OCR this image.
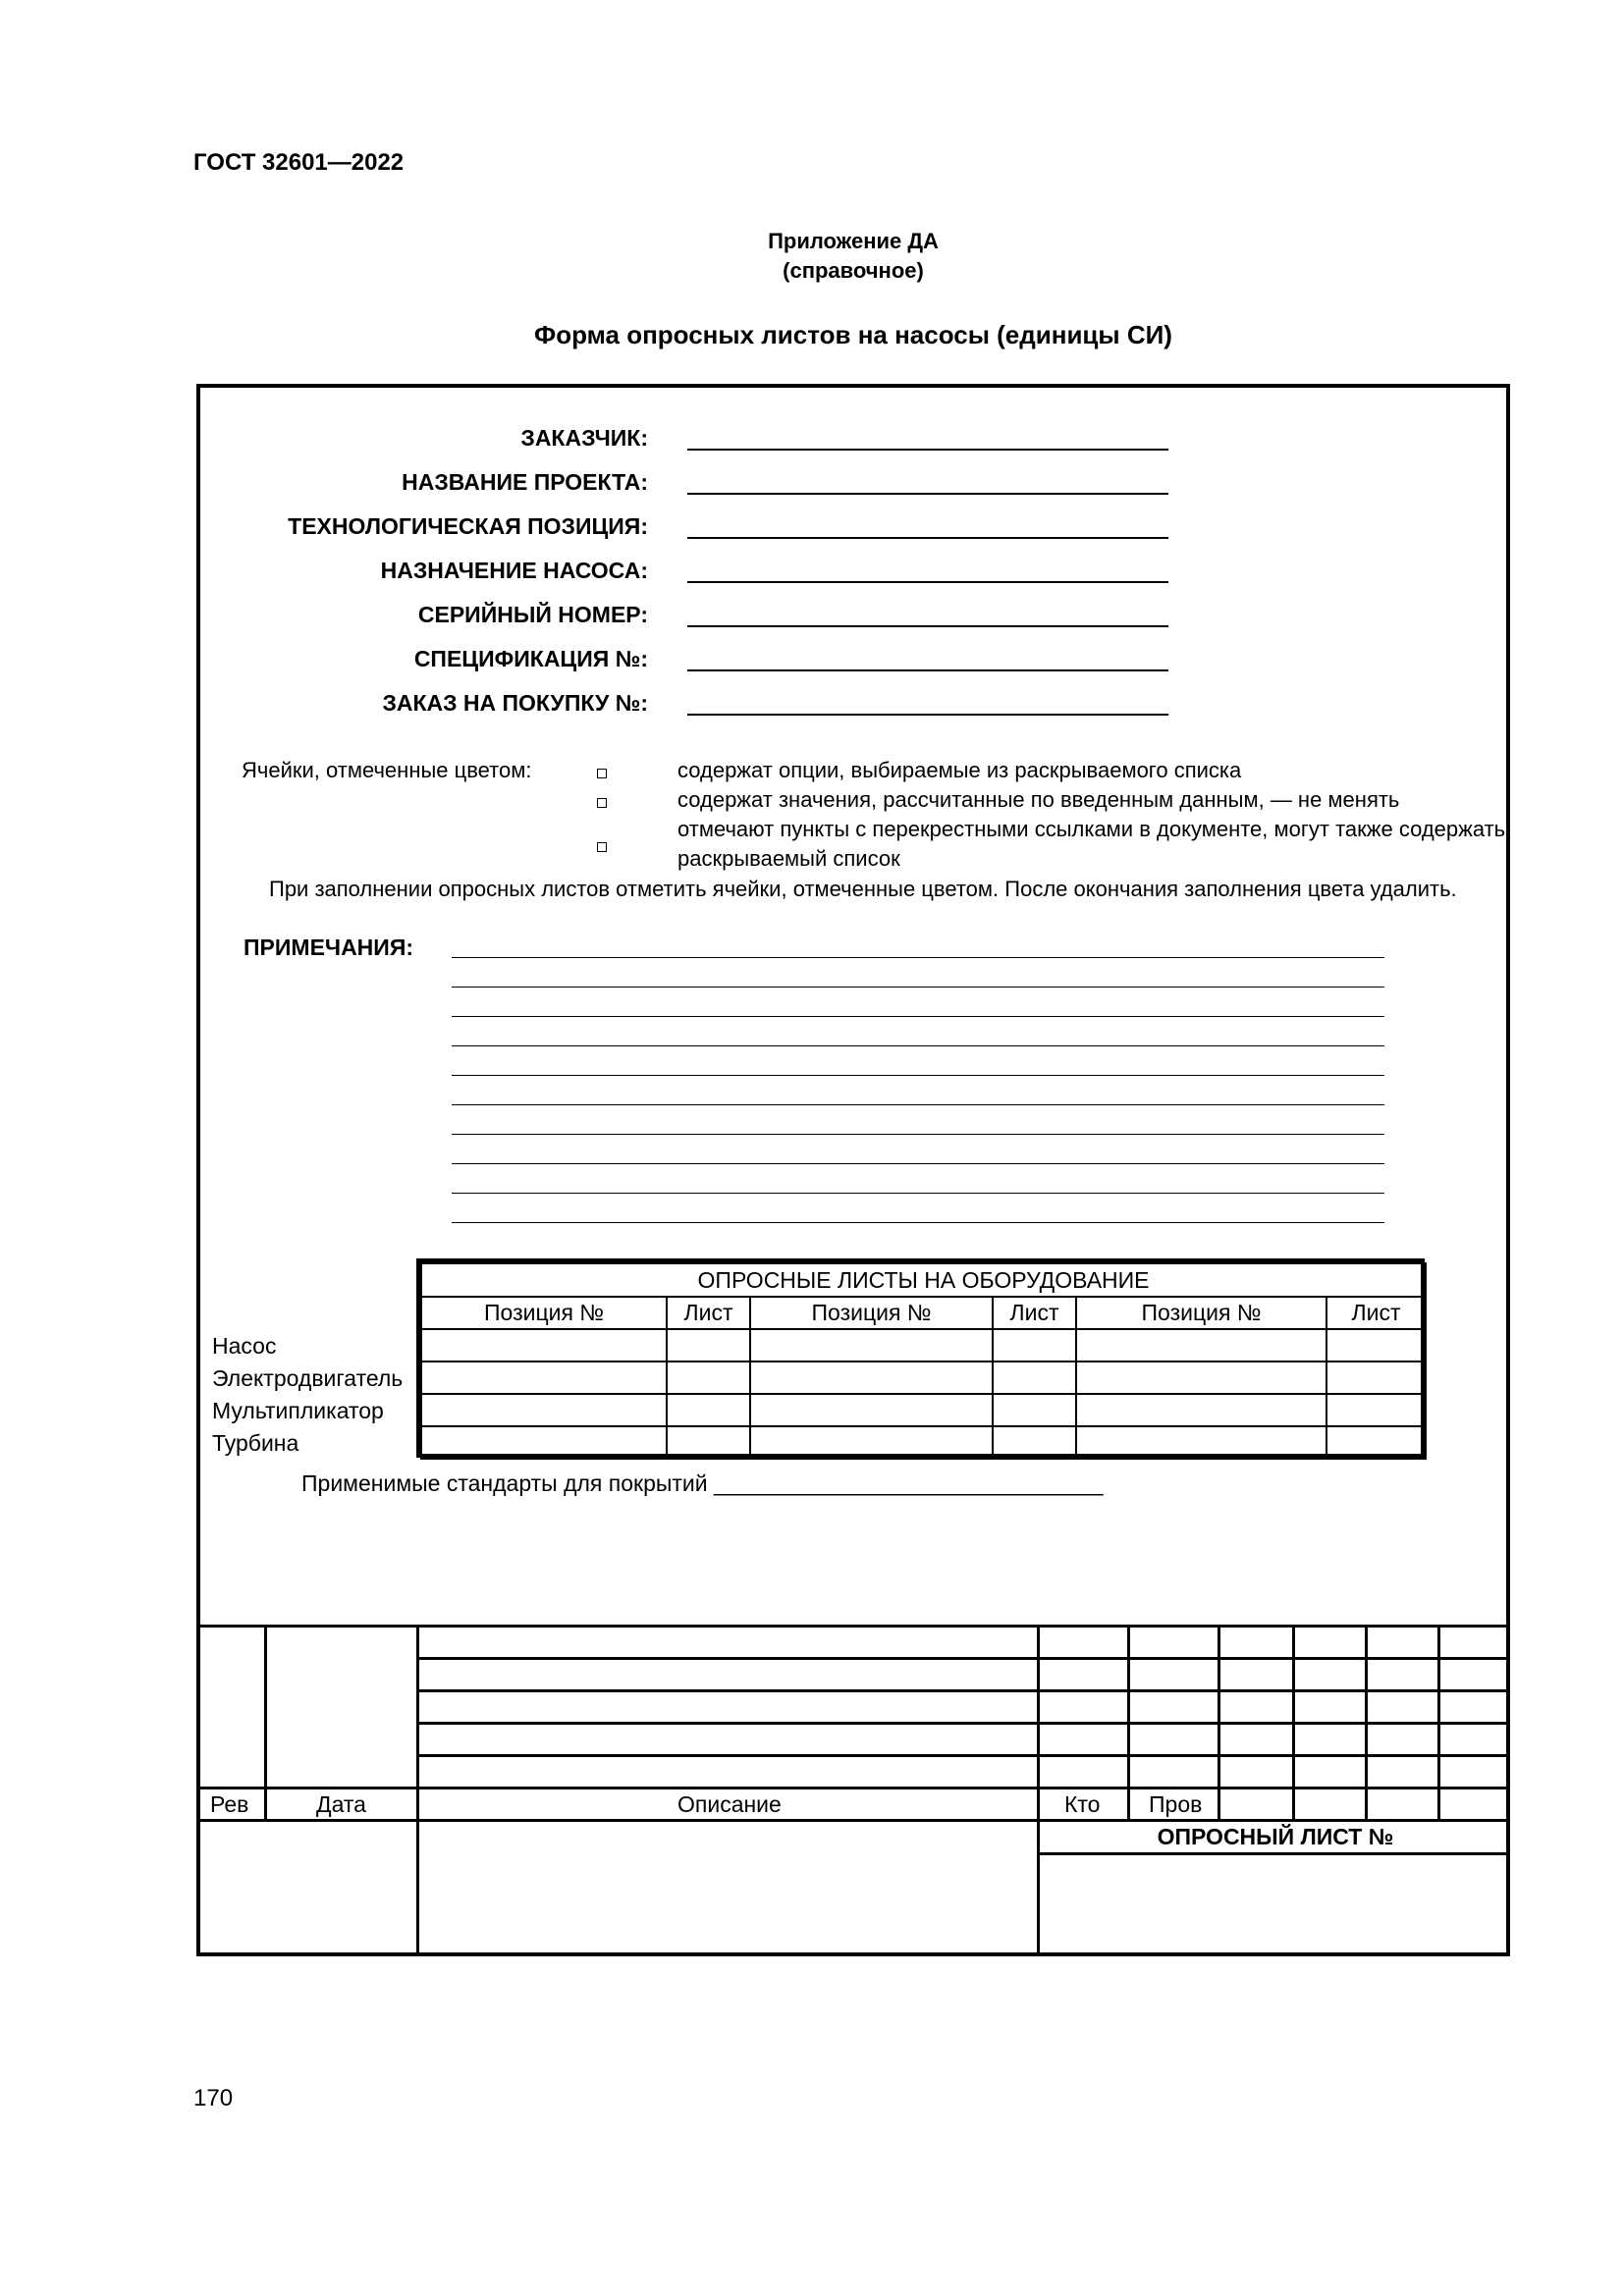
ГОСТ 32601—2022
Приложение ДА
(справочное)
Форма опросных листов на насосы (единицы СИ)
ЗАКАЗЧИК:
НАЗВАНИЕ ПРОЕКТА:
ТЕХНОЛОГИЧЕСКАЯ ПОЗИЦИЯ:
НАЗНАЧЕНИЕ НАСОСА:
СЕРИЙНЫЙ НОМЕР:
СПЕЦИФИКАЦИЯ №:
ЗАКАЗ НА ПОКУПКУ №:
Ячейки, отмеченные цветом:	содержат опции, выбираемые из раскрываемого списка
содержат значения, рассчитанные по введенным данным, — не менять
отмечают пункты с перекрестными ссылками в документе, могут также содержать
раскрываемый список
При заполнении опросных листов отметить ячейки, отмеченные цветом. После окончания заполнения цвета удалить.
ПРИМЕЧАНИЯ:
ОПРОСНЫЕ ЛИСТЫ НА ОБОРУДОВАНИЕ					
Позиция №	Лист	Позиция №	Лист	Позиция №	Лист

Насос
Электродвигатель
Мультипликатор
Турбина
Применимые стандарты для покрытий _______________________________
Рев	Дата	Описание	Кто Пров
ОПРОСНЫЙ ЛИСТ №
170
